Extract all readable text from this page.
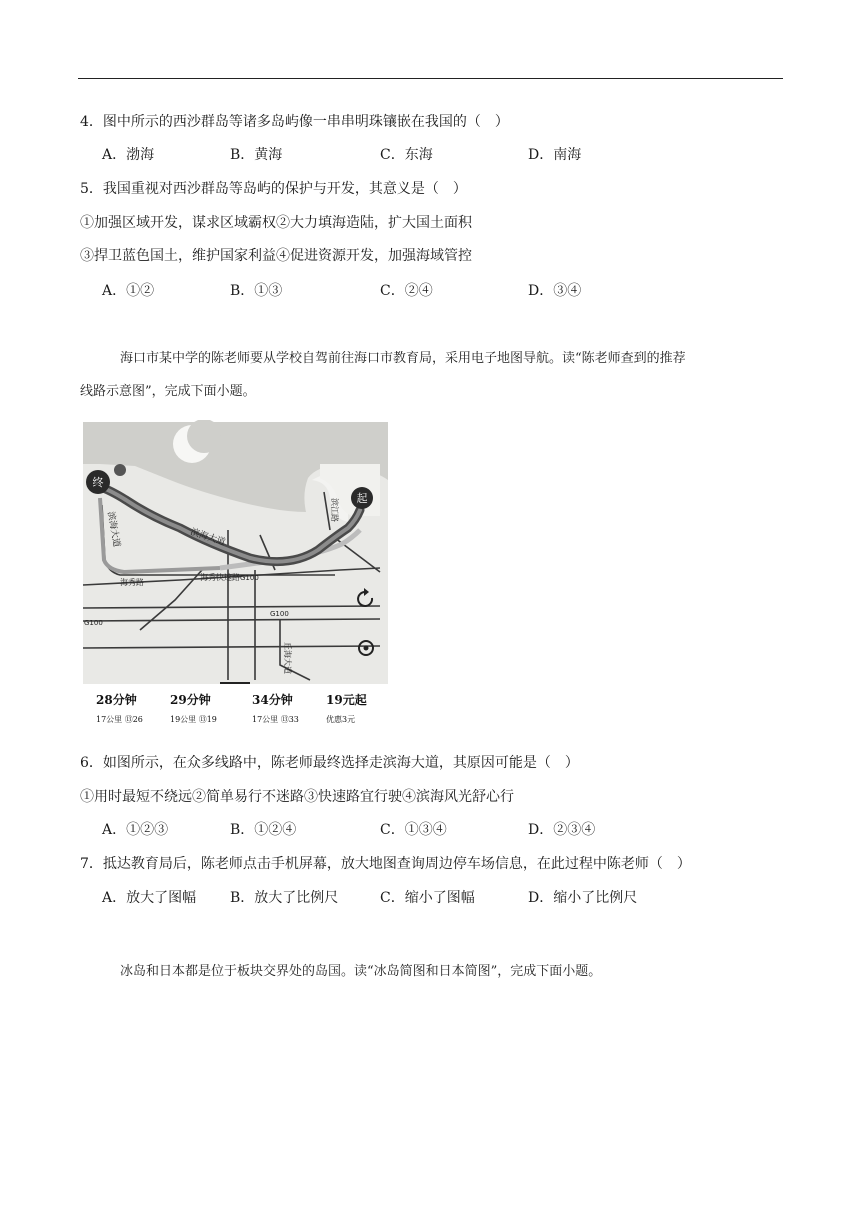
4．图中所示的西沙群岛等诸多岛屿像一串串明珠镶嵌在我国的（　）
A．渤海	B．黄海	C．东海	D．南海
5．我国重视对西沙群岛等岛屿的保护与开发，其意义是（　）
①加强区域开发，谋求区域霸权②大力填海造陆，扩大国土面积
③捍卫蓝色国土，维护国家利益④促进资源开发，加强海域管控
A．①②	B．①③	C．②④	D．③④
海口市某中学的陈老师要从学校自驾前往海口市教育局，采用电子地图导航。读“陈老师查到的推荐
线路示意图”，完成下面小题。
终
起
滨海大道	滨海大道
海秀快速路
海秀路
G100
G100
G100
丘海大道
滨江路
28分钟
17公里 ⑬26
29分钟
19公里 ⑬19
34分钟
17公里 ⑬33
19元起
优惠3元
6．如图所示，在众多线路中，陈老师最终选择走滨海大道，其原因可能是（　）
①用时最短不绕远②简单易行不迷路③快速路宜行驶④滨海风光舒心行
A．①②③	B．①②④	C．①③④	D．②③④
7．抵达教育局后，陈老师点击手机屏幕，放大地图查询周边停车场信息，在此过程中陈老师（　）
A．放大了图幅 B．放大了比例尺	C．缩小了图幅	D．缩小了比例尺
冰岛和日本都是位于板块交界处的岛国。读“冰岛简图和日本简图”，完成下面小题。
